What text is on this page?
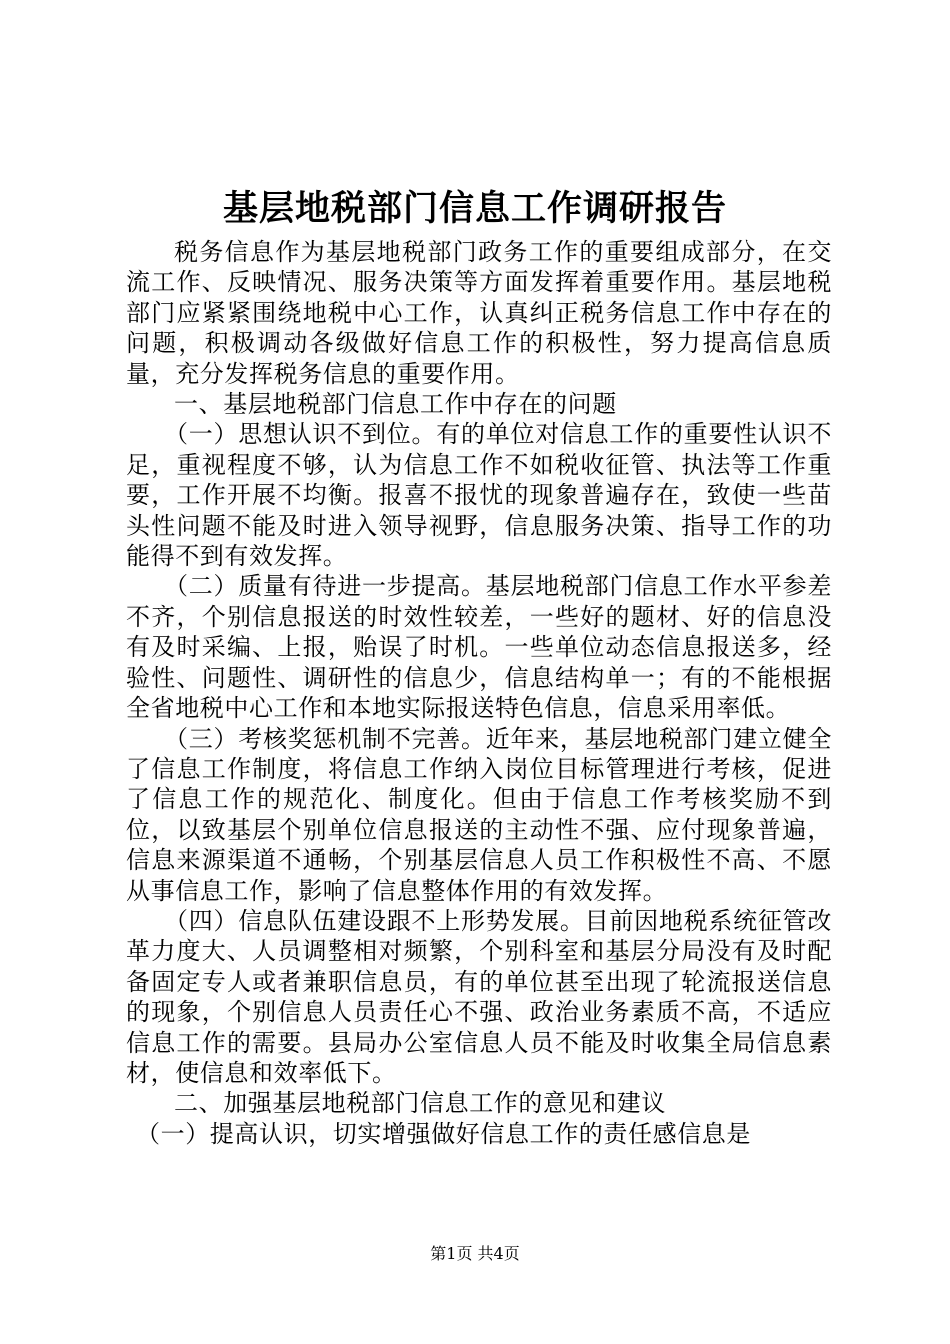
基层地税部门信息工作调研报告

税务信息作为基层地税部门政务工作的重要组成部分，在交流工作、反映情况、服务决策等方面发挥着重要作用。基层地税部门应紧紧围绕地税中心工作，认真纠正税务信息工作中存在的问题，积极调动各级做好信息工作的积极性，努力提高信息质量，充分发挥税务信息的重要作用。

一、基层地税部门信息工作中存在的问题

（一）思想认识不到位。有的单位对信息工作的重要性认识不足，重视程度不够，认为信息工作不如税收征管、执法等工作重要，工作开展不均衡。报喜不报忧的现象普遍存在，致使一些苗头性问题不能及时进入领导视野，信息服务决策、指导工作的功能得不到有效发挥。

（二）质量有待进一步提高。基层地税部门信息工作水平参差不齐，个别信息报送的时效性较差，一些好的题材、好的信息没有及时采编、上报，贻误了时机。一些单位动态信息报送多，经验性、问题性、调研性的信息少，信息结构单一；有的不能根据全省地税中心工作和本地实际报送特色信息，信息采用率低。

（三）考核奖惩机制不完善。近年来，基层地税部门建立健全了信息工作制度，将信息工作纳入岗位目标管理进行考核，促进了信息工作的规范化、制度化。但由于信息工作考核奖励不到位，以致基层个别单位信息报送的主动性不强、应付现象普遍，信息来源渠道不通畅，个别基层信息人员工作积极性不高、不愿从事信息工作，影响了信息整体作用的有效发挥。

（四）信息队伍建设跟不上形势发展。目前因地税系统征管改革力度大、人员调整相对频繁，个别科室和基层分局没有及时配备固定专人或者兼职信息员，有的单位甚至出现了轮流报送信息的现象，个别信息人员责任心不强、政治业务素质不高，不适应信息工作的需要。县局办公室信息人员不能及时收集全局信息素材，使信息和效率低下。

二、加强基层地税部门信息工作的意见和建议

（一）提高认识，切实增强做好信息工作的责任感信息是

第1页 共4页
